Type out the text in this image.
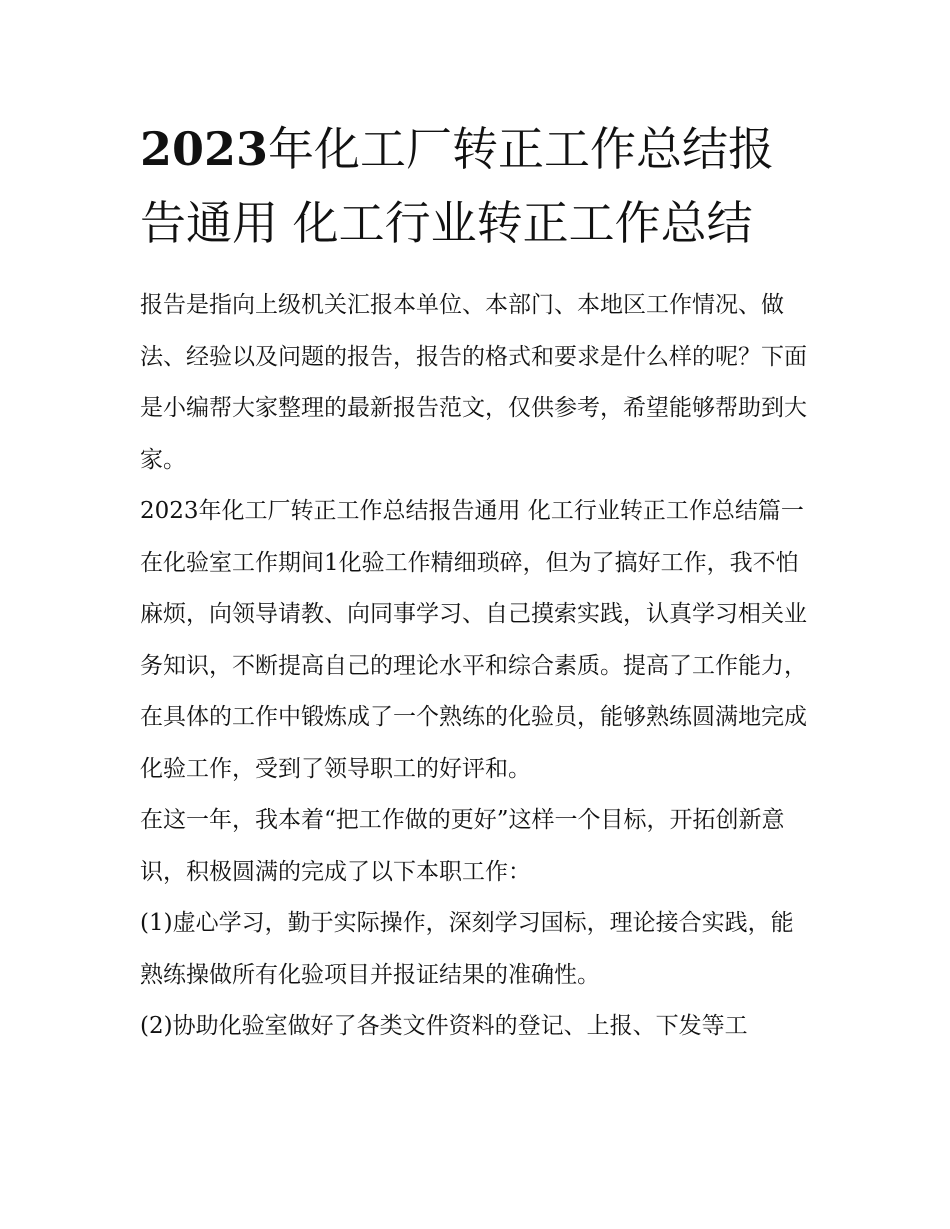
2023年化工厂转正工作总结报告通用 化工行业转正工作总结

报告是指向上级机关汇报本单位、本部门、本地区工作情况、做法、经验以及问题的报告，报告的格式和要求是什么样的呢？下面是小编帮大家整理的最新报告范文，仅供参考，希望能够帮助到大家。

2023年化工厂转正工作总结报告通用 化工行业转正工作总结篇一

在化验室工作期间1化验工作精细琐碎，但为了搞好工作，我不怕麻烦，向领导请教、向同事学习、自己摸索实践，认真学习相关业务知识，不断提高自己的理论水平和综合素质。提高了工作能力，在具体的工作中锻炼成了一个熟练的化验员，能够熟练圆满地完成化验工作，受到了领导职工的好评和。

在这一年，我本着“把工作做的更好”这样一个目标，开拓创新意识，积极圆满的完成了以下本职工作：

(1)虚心学习，勤于实际操作，深刻学习国标，理论接合实践，能熟练操做所有化验项目并报证结果的准确性。

(2)协助化验室做好了各类文件资料的登记、上报、下发等工
